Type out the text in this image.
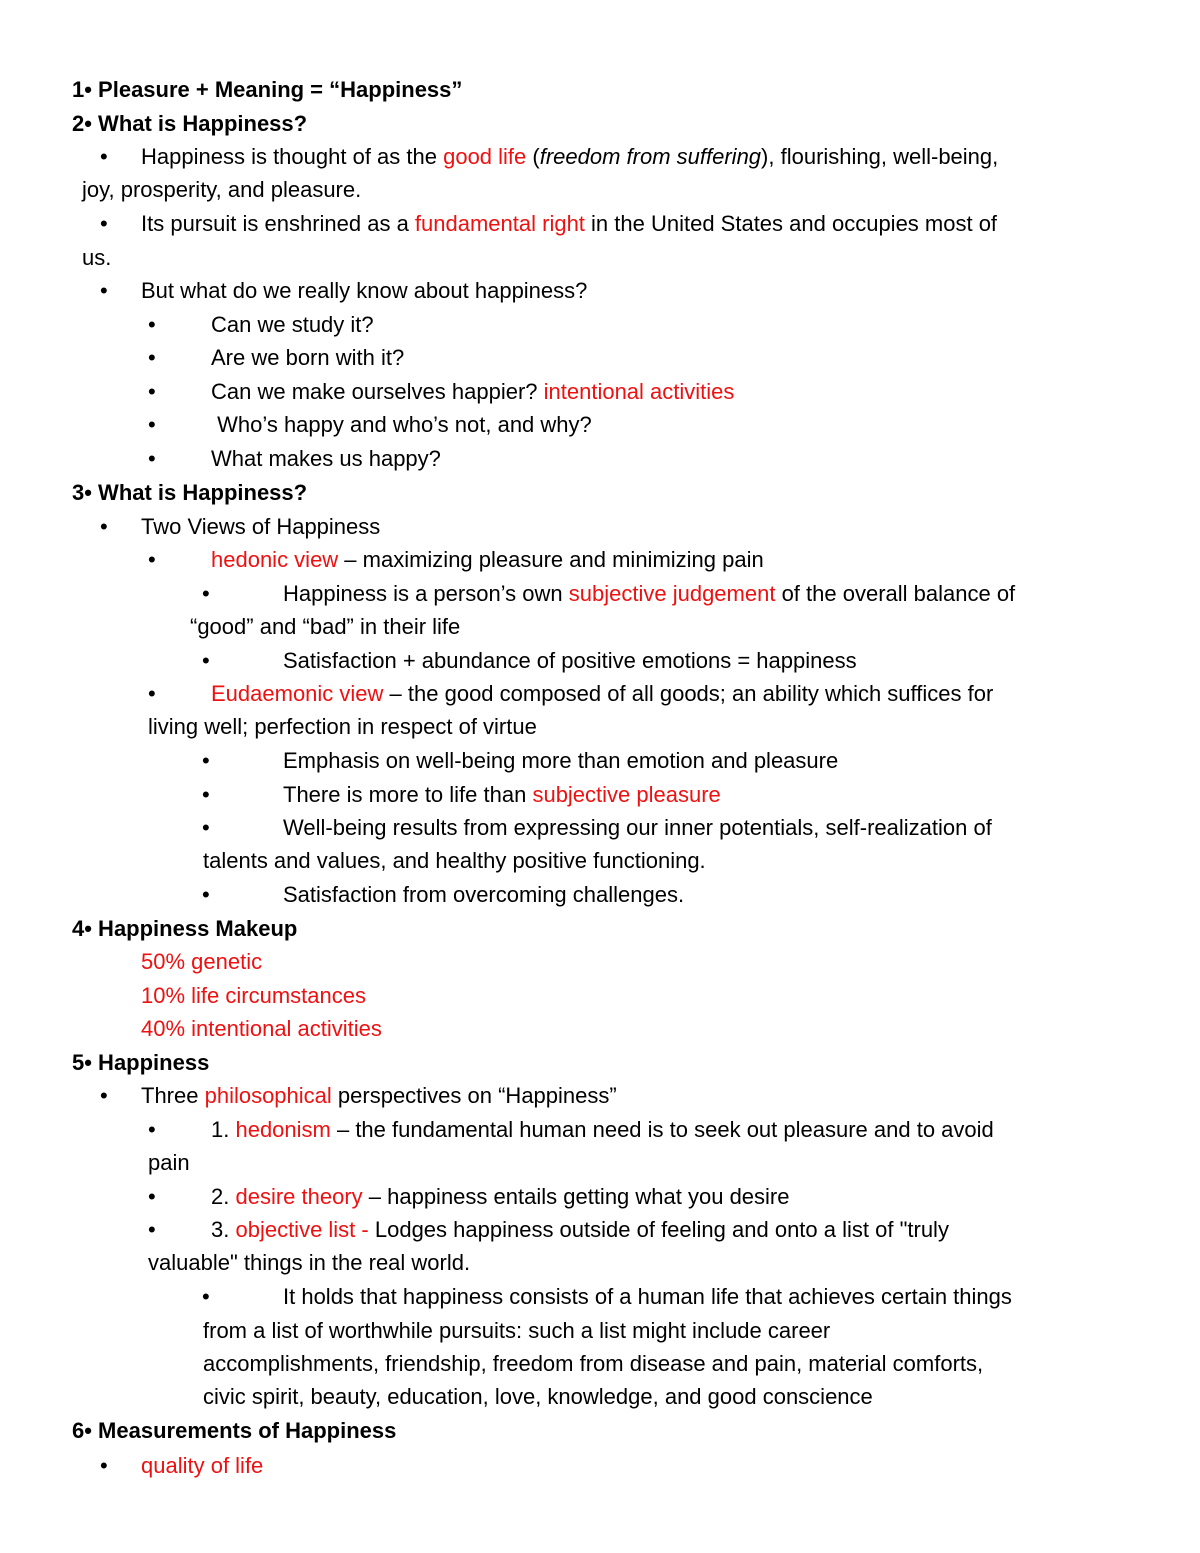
1• Pleasure + Meaning = “Happiness”
2• What is Happiness?
• Happiness is thought of as the good life (freedom from suffering), flourishing, well-being,
joy, prosperity, and pleasure.
• Its pursuit is enshrined as a fundamental right in the United States and occupies most of
us.
• But what do we really know about happiness?
•	Can we study it?
•	Are we born with it?
•	Can we make ourselves happier? intentional activities
•	Who’s happy and who’s not, and why?
•	What makes us happy?
3• What is Happiness?
• Two Views of Happiness
•	hedonic view – maximizing pleasure and minimizing pain
•	Happiness is a person’s own subjective judgement of the overall balance of
“good” and “bad” in their life
•	Satisfaction + abundance of positive emotions = happiness
•	Eudaemonic view – the good composed of all goods; an ability which suffices for
living well; perfection in respect of virtue
•	Emphasis on well-being more than emotion and pleasure
•	There is more to life than subjective pleasure
•	Well-being results from expressing our inner potentials, self-realization of
talents and values, and healthy positive functioning.
•	Satisfaction from overcoming challenges.
4• Happiness Makeup
50% genetic
10% life circumstances
40% intentional activities
5• Happiness
• Three philosophical perspectives on “Happiness”
•	1. hedonism – the fundamental human need is to seek out pleasure and to avoid
pain
•	2. desire theory – happiness entails getting what you desire
•	3. objective list - Lodges happiness outside of feeling and onto a list of "truly
valuable" things in the real world.
•	It holds that happiness consists of a human life that achieves certain things
from a list of worthwhile pursuits: such a list might include career
accomplishments, friendship, freedom from disease and pain, material comforts,
civic spirit, beauty, education, love, knowledge, and good conscience
6• Measurements of Happiness
• quality of life
